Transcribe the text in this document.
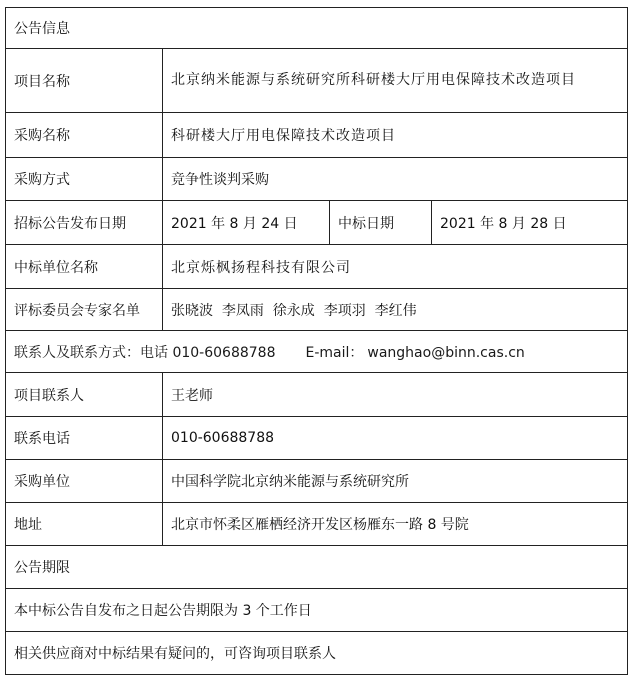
公告信息			
项目名称	北京纳米能源与系统研究所科研楼大厅用电保障技术改造项目		
采购名称	科研楼大厅用电保障技术改造项目		
采购方式	竞争性谈判采购		
招标公告发布日期	2021 年 8 月 24 日	中标日期	2021 年 8 月 28 日
中标单位名称	北京烁枫扬程科技有限公司		
评标委员会专家名单	张晓波  李凤雨  徐永成  李项羽  李红伟		
联系人及联系方式：电话 010-60688788 E-mail： wanghao@binn.cas.cn			
项目联系人	王老师		
联系电话	010-60688788		
采购单位	中国科学院北京纳米能源与系统研究所		
地址	北京市怀柔区雁栖经济开发区杨雁东一路 8 号院		
公告期限			
本中标公告自发布之日起公告期限为 3 个工作日			
相关供应商对中标结果有疑问的，可咨询项目联系人			
